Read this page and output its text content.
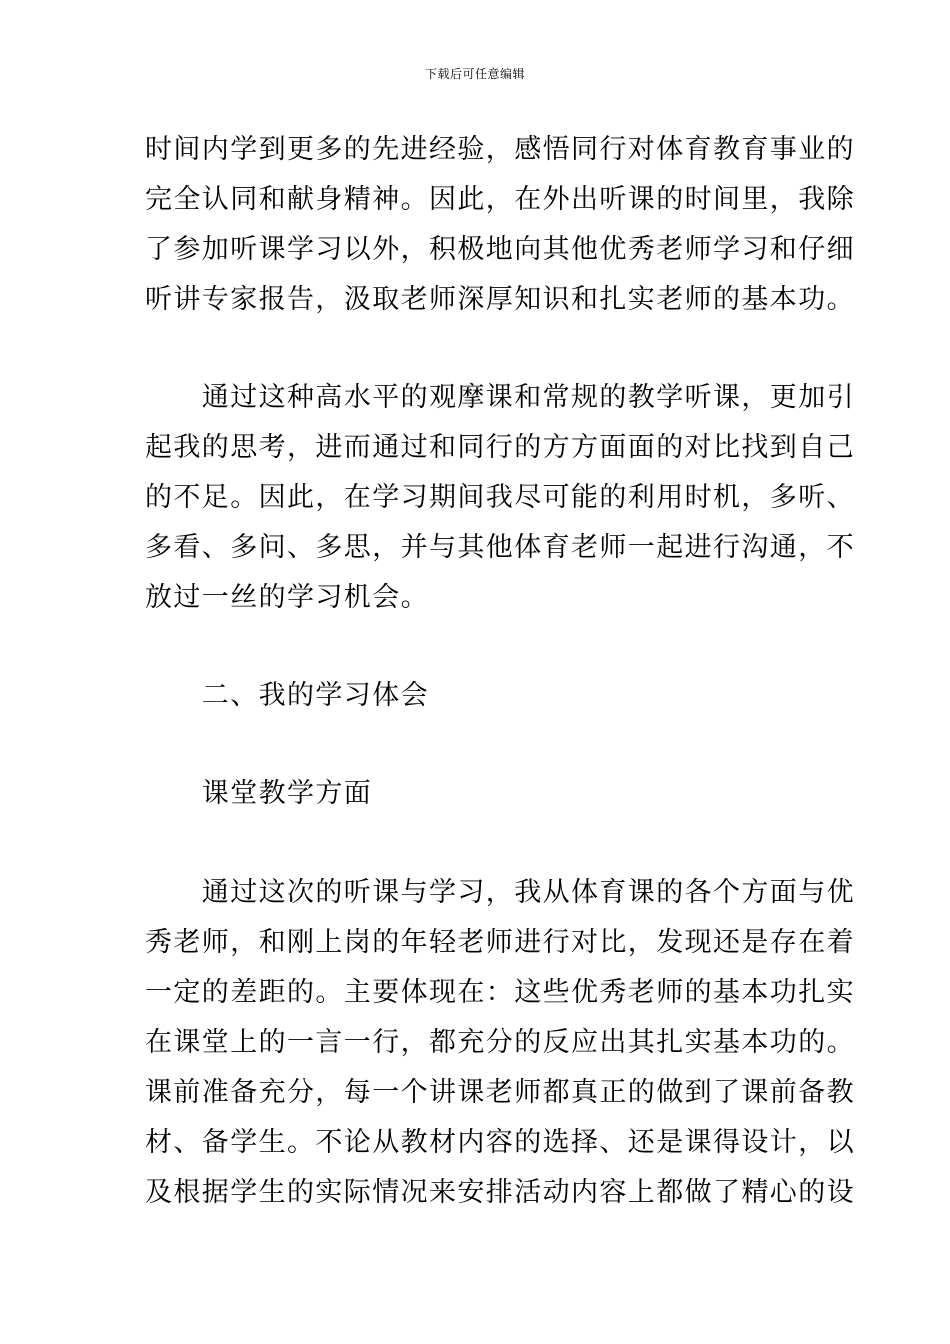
下载后可任意编辑
时间内学到更多的先进经验，感悟同行对体育教育事业的
完全认同和献身精神。因此，在外出听课的时间里，我除
了参加听课学习以外，积极地向其他优秀老师学习和仔细
听讲专家报告，汲取老师深厚知识和扎实老师的基本功。
　　通过这种高水平的观摩课和常规的教学听课，更加引
起我的思考，进而通过和同行的方方面面的对比找到自己
的不足。因此，在学习期间我尽可能的利用时机，多听、
多看、多问、多思，并与其他体育老师一起进行沟通，不
放过一丝的学习机会。
　　二、我的学习体会
　　课堂教学方面
　　通过这次的听课与学习，我从体育课的各个方面与优
秀老师，和刚上岗的年轻老师进行对比，发现还是存在着
一定的差距的。主要体现在：这些优秀老师的基本功扎实
在课堂上的一言一行，都充分的反应出其扎实基本功的。
课前准备充分，每一个讲课老师都真正的做到了课前备教
材、备学生。不论从教材内容的选择、还是课得设计，以
及根据学生的实际情况来安排活动内容上都做了精心的设
